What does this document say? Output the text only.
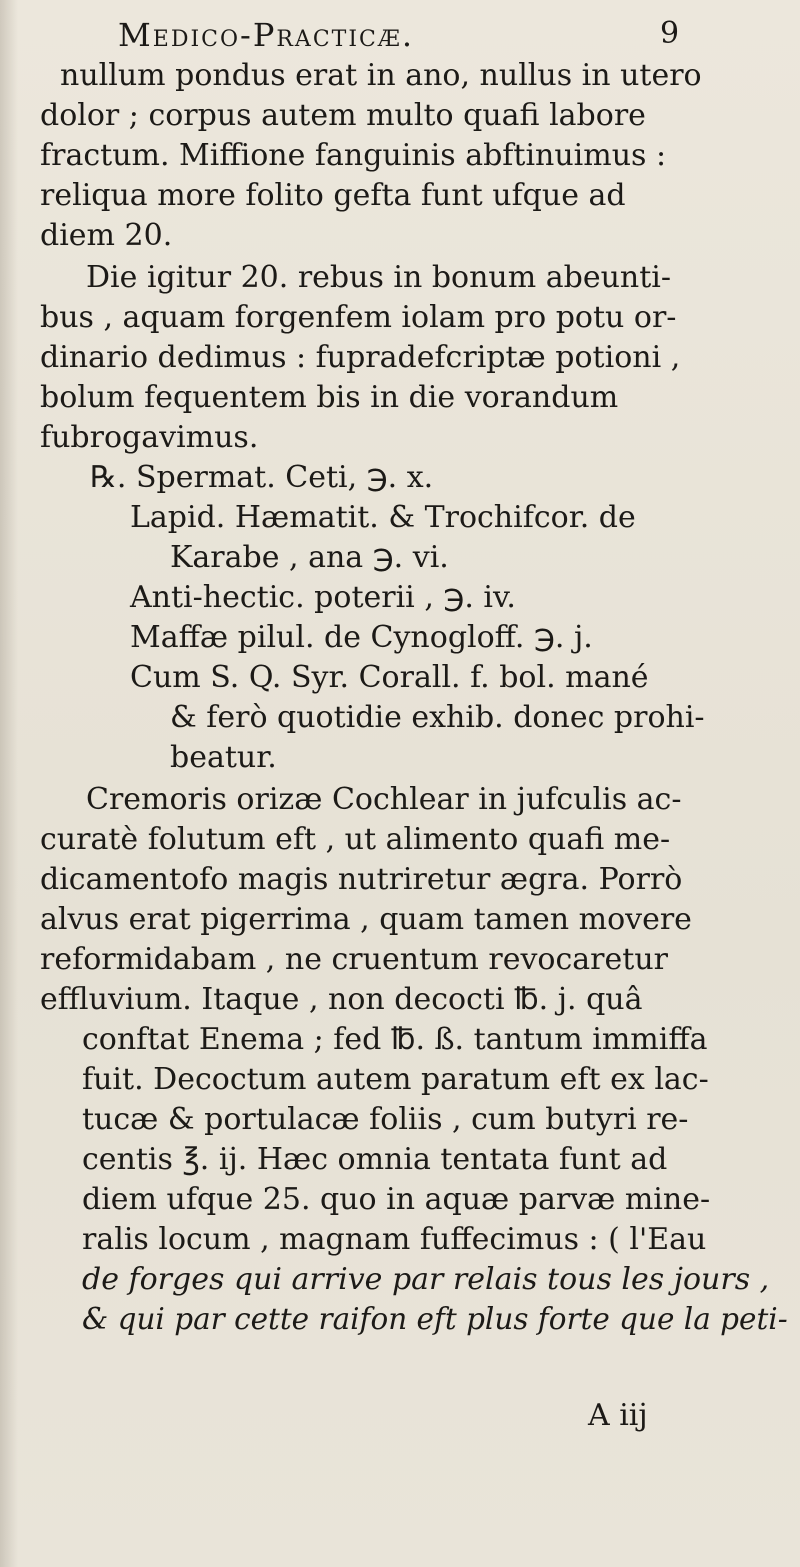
Medico-Practicæ.	9
nullum pondus erat in ano, nullus in utero
dolor ; corpus autem multo quafi labore
fractum. Miffione fanguinis abftinuimus :
reliqua more folito gefta funt ufque ad
diem 20.
Die igitur 20. rebus in bonum abeunti-
bus , aquam forgenfem iolam pro potu or-
dinario dedimus : fupradefcriptæ potioni ,
bolum fequentem bis in die vorandum
fubrogavimus.
℞. Spermat. Ceti, ℈. x.
Lapid. Hæmatit. & Trochifcor. de
Karabe , ana ℈. vi.
Anti-hectic. poterii , ℈. iv.
Maffæ pilul. de Cynogloff. ℈. j.
Cum S. Q. Syr. Corall. f. bol. mané
& ferò quotidie exhib. donec prohi-
beatur.
Cremoris orizæ Cochlear in jufculis ac-
curatè folutum eft , ut alimento quafi me-
dicamentofo magis nutriretur ægra. Porrò
alvus erat pigerrima , quam tamen movere
reformidabam , ne cruentum revocaretur
effluvium. Itaque , non decocti ℔. j. quâ
conftat Enema ; fed ℔. ß. tantum immiffa
fuit. Decoctum autem paratum eft ex lac-
tucæ & portulacæ foliis , cum butyri re-
centis ℥. ij. Hæc omnia tentata funt ad
diem ufque 25. quo in aquæ parvæ mine-
ralis locum , magnam fuffecimus : ( l'Eau
de forges qui arrive par relais tous les jours ,
& qui par cette raifon eft plus forte que la peti-
A iij
